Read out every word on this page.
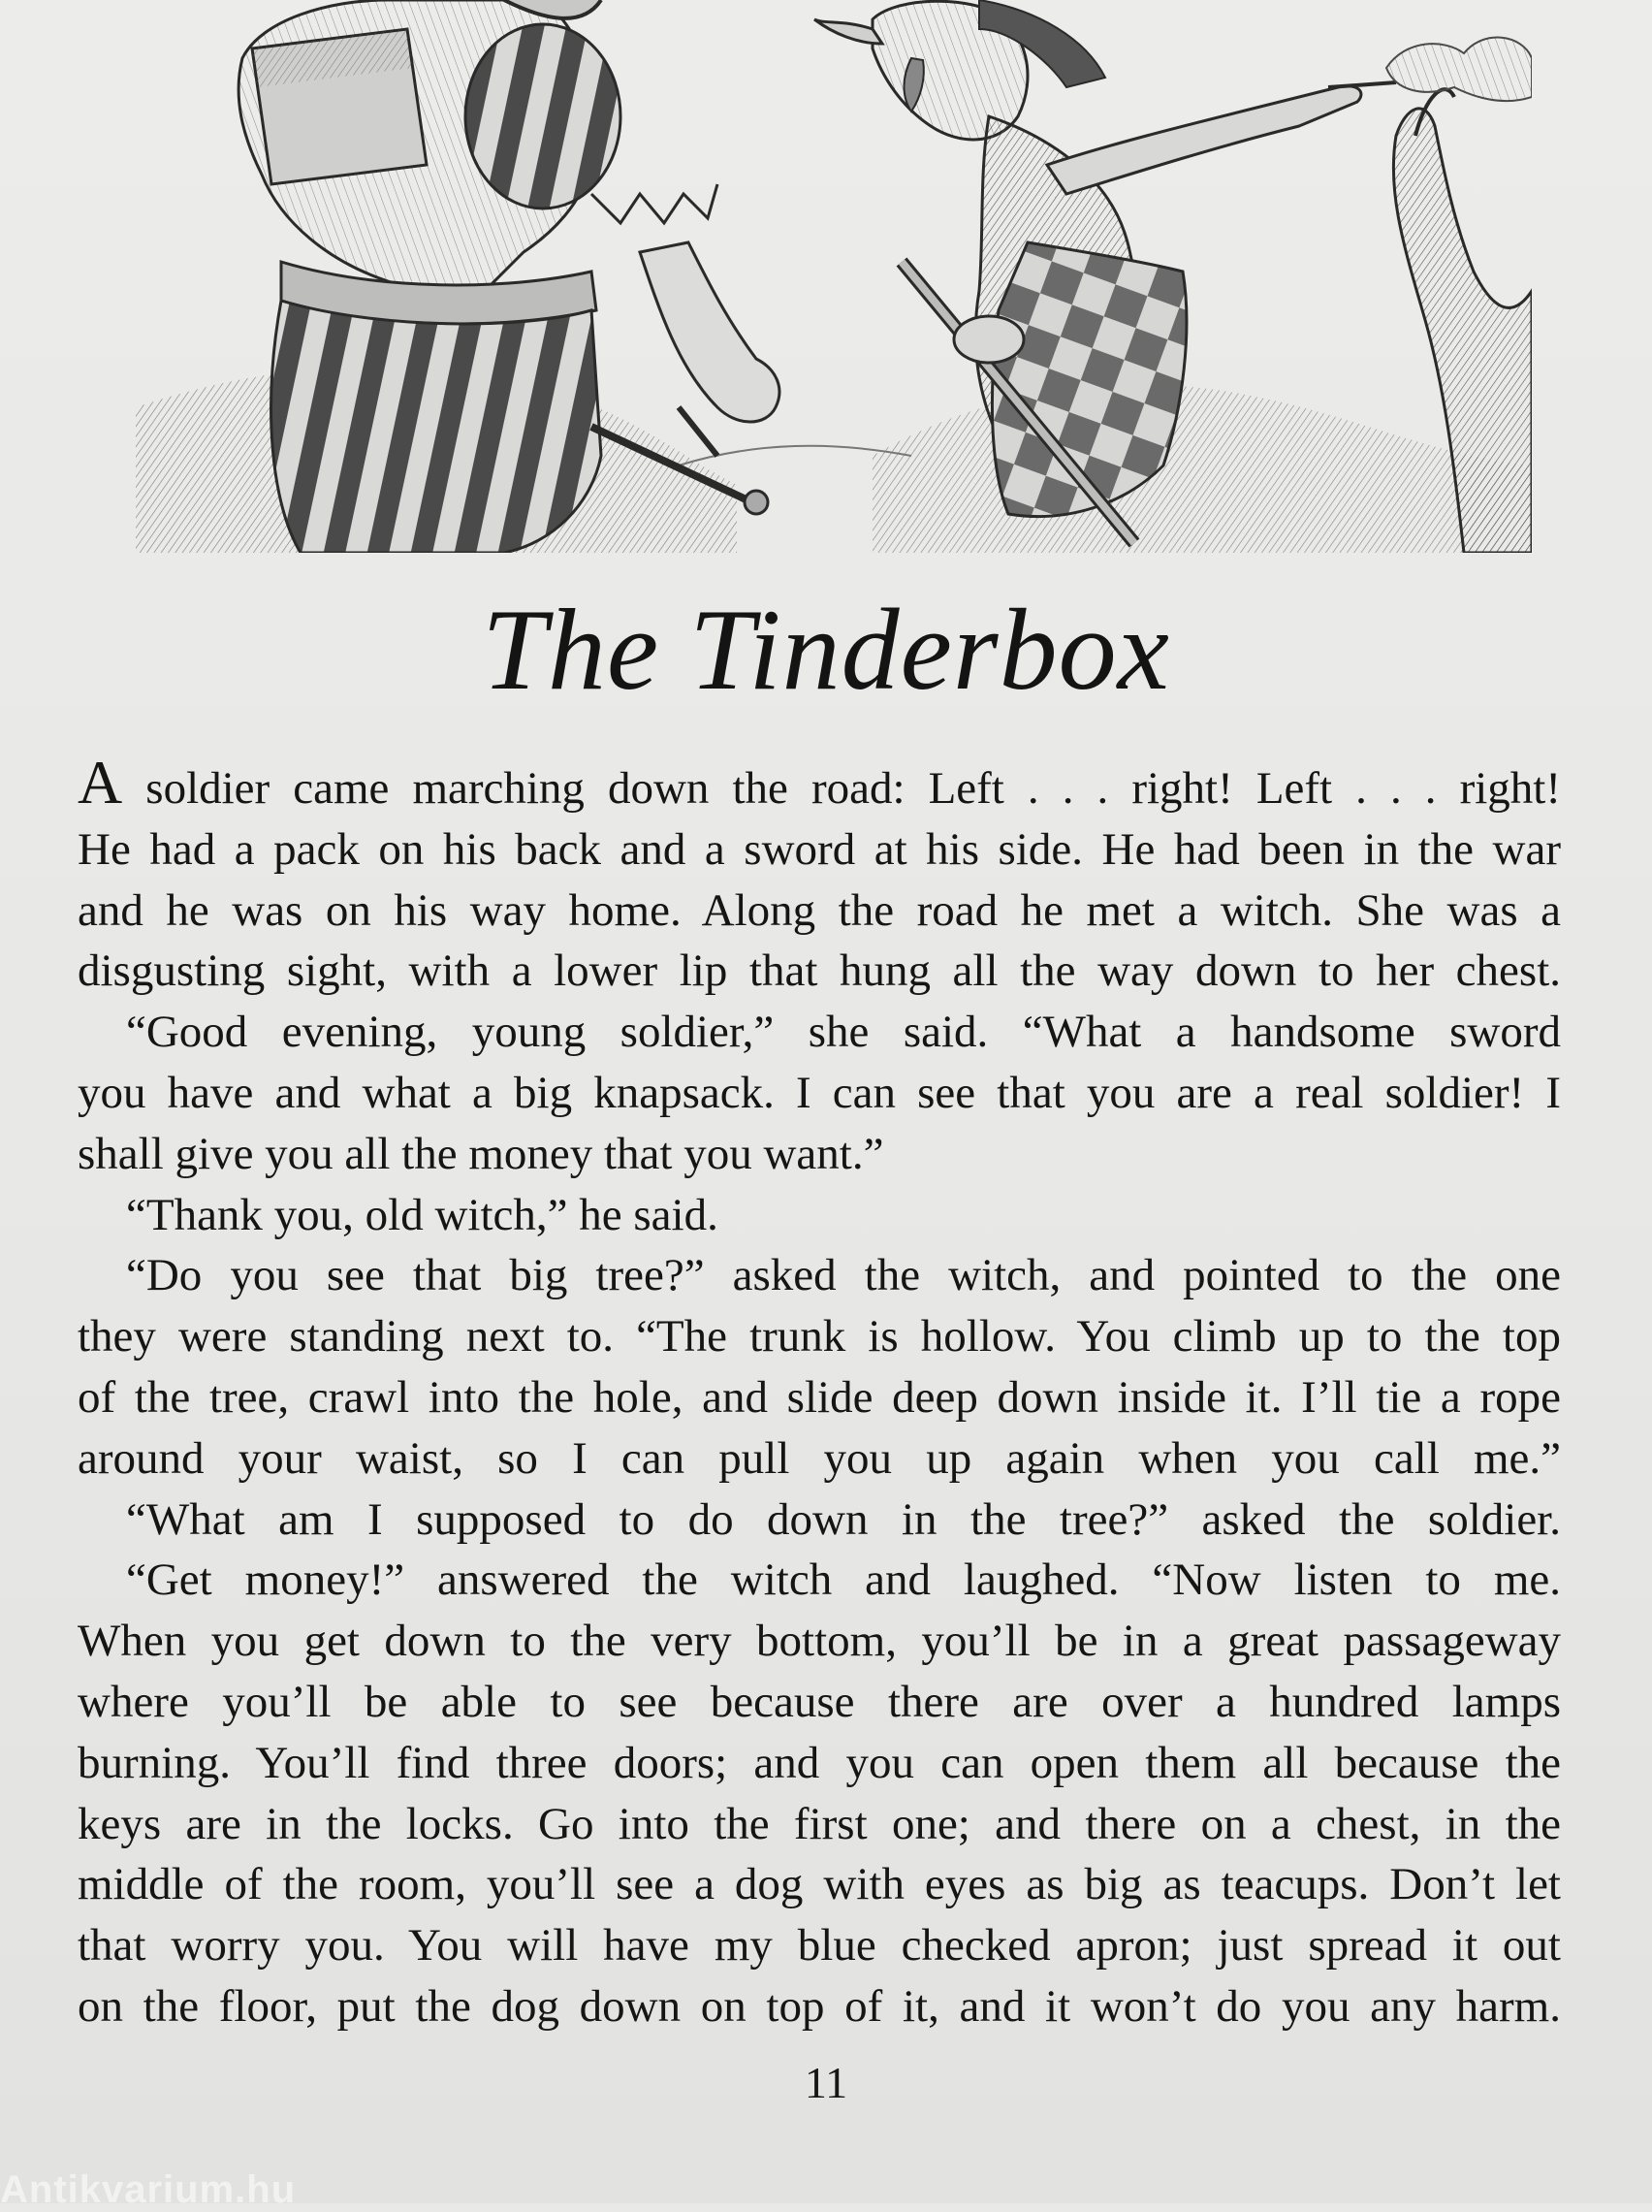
The Tinderbox
A soldier came marching down the road: Left . . . right! Left . . . right!
He had a pack on his back and a sword at his side. He had been in the war
and he was on his way home. Along the road he met a witch. She was a
disgusting sight, with a lower lip that hung all the way down to her chest.
“Good evening, young soldier,” she said. “What a handsome sword
you have and what a big knapsack. I can see that you are a real soldier! I
shall give you all the money that you want.”
“Thank you, old witch,” he said.
“Do you see that big tree?” asked the witch, and pointed to the one
they were standing next to. “The trunk is hollow. You climb up to the top
of the tree, crawl into the hole, and slide deep down inside it. I’ll tie a rope
around your waist, so I can pull you up again when you call me.”
“What am I supposed to do down in the tree?” asked the soldier.
“Get money!” answered the witch and laughed. “Now listen to me.
When you get down to the very bottom, you’ll be in a great passageway
where you’ll be able to see because there are over a hundred lamps
burning. You’ll find three doors; and you can open them all because the
keys are in the locks. Go into the first one; and there on a chest, in the
middle of the room, you’ll see a dog with eyes as big as teacups. Don’t let
that worry you. You will have my blue checked apron; just spread it out
on the floor, put the dog down on top of it, and it won’t do you any harm.
11
Antikvarium.hu
